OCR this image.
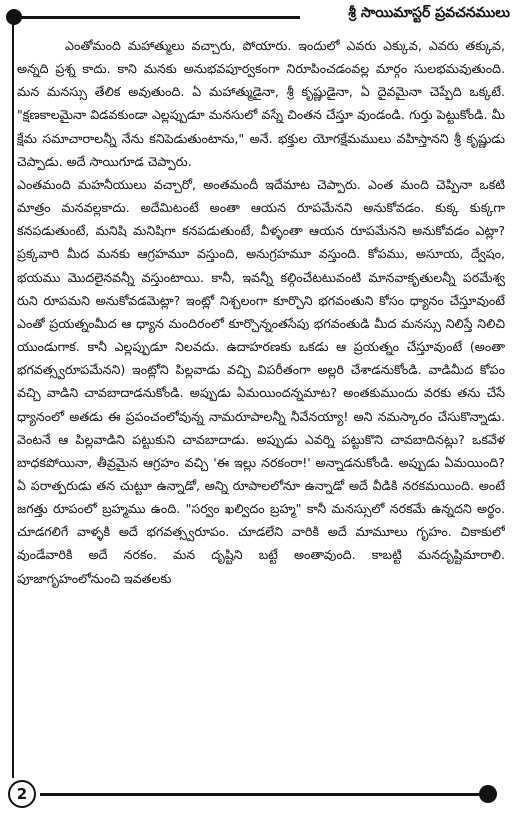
శ్రీ సాయిమాస్టర్ ప్రవచనములు

ఎంతోమంది మహాత్ములు వచ్చారు, పోయారు. ఇందులో ఎవరు ఎక్కువ, ఎవరు తక్కువ, అన్నది ప్రశ్న కాదు. కాని మనకు అనుభవపూర్వకంగా నిరూపించడంవల్ల మార్గం సులభమవుతుంది. మన మనస్సు తేలిక అవుతుంది. ఏ మహాత్ముడైనా, శ్రీ కృష్ణుడైనా, ఏ దైవమైనా చెప్పేది ఒక్కటే. "క్షణకాలమైనా విడవకుండా ఎల్లప్పుడూ మనసులో వస్నే చింతన చేస్తూ వుండండి. గుర్తు పెట్టుకోండి. మీ క్షేమ సమాచారాలన్నీ నేను కనిపెడుతుంటాను," అనే. భక్తుల యోగక్షేమములు వహిస్తానని శ్రీ కృష్ణుడు చెప్పాడు. అదే సాయిగూడ చెప్పారు.

ఎంతమంది మహనీయులు వచ్చారో, అంతమందీ ఇదేమాట చెప్పారు. ఎంత మంది చెప్పినా ఒకటి మాత్రం మనవల్లకాదు. అదేమిటంటే అంతా ఆయన రూపమేనని అనుకోవడం. కుక్క కుక్కగా కనపడుతుంటే, మనిషి మనిషిగా కనపడుతుంటే, వీళ్ళంతా ఆయన రూపమేనని అనుకోవడం ఎట్లా? ప్రక్కవారి మీద మనకు ఆగ్రహమూ వస్తుంది, అనుగ్రహమూ వస్తుంది. కోపము, అసూయ, ద్వేషం, భయము మొదలైనవన్నీ వస్తుంటాయి. కానీ, ఇవన్నీ కల్గించేటటువంటి మానవాకృతులన్నీ పరమేశ్వ రుని రూపమని అనుకోవడమెట్లా? ఇంట్లో నిశ్చలంగా కూర్చొని భగవంతుని కోసం ధ్యానం చేస్తూవుంటే ఎంతో ప్రయత్నంమీద ఆ ధ్యాన మందిరంలో కూర్చొన్నంతసేపు భగవంతుడి మీద మనస్సు నిలిస్తే నిలిచి యుండుగాక. కానీ ఎల్లప్పుడూ నిలవదు. ఉదాహరణకు ఒకడు ఆ ప్రయత్నం చేస్తూవుంటే (అంతా భగవత్స్వరూపమేనని) ఇంట్లోని పిల్లవాడు వచ్చి విపరీతంగా అల్లరి చేశాడనుకోండి. వాడిమీద కోపం వచ్చి వాడిని చావబాదాడనుకోండి. అప్పుడు ఏమయిందన్నమాట? అంతకుముందు వరకు తను చేసే ధ్యానంలో అతడు ఈ ప్రపంచంలోవున్న నామరూపాలన్నీ నీవేనయ్యా! అని నమస్కారం చేసుకొన్నాడు. వెంటనే ఆ పిల్లవాడిని పట్టుకుని చావబాదాడు. అప్పుడు ఎవర్ని పట్టుకొని చావబాదినట్లు? ఒకవేళ బాధకపోయినా, తీవ్రమైన ఆగ్రహం వచ్చి 'ఈ ఇల్లు నరకంరా!' అన్నాడనుకోండి. అప్పుడు ఏమయింది? ఏ పరాత్పరుడు తన చుట్టూ ఉన్నాడో, అన్ని రూపాలలోనూ ఉన్నాడో అదే వీడికి నరకమయింది. అంటే జగత్తు రూపంలో బ్రహ్మము ఉంది. "సర్వం ఖల్విదం బ్రహ్మ" కానీ మనస్సులో నరకమే ఉన్నదని అర్థం. చూడగలిగే వాళ్ళకి అదే భగవత్స్వరూపం. చూడలేని వారికి అదే మామూలు గృహం. చికాకులో వుండేవారికి అదే నరకం. మన దృష్టిని బట్టే అంతావుంది. కాబట్టి మనదృష్టిమారాలి. పూజాగృహంలోనుంచి ఇవతలకు

2
